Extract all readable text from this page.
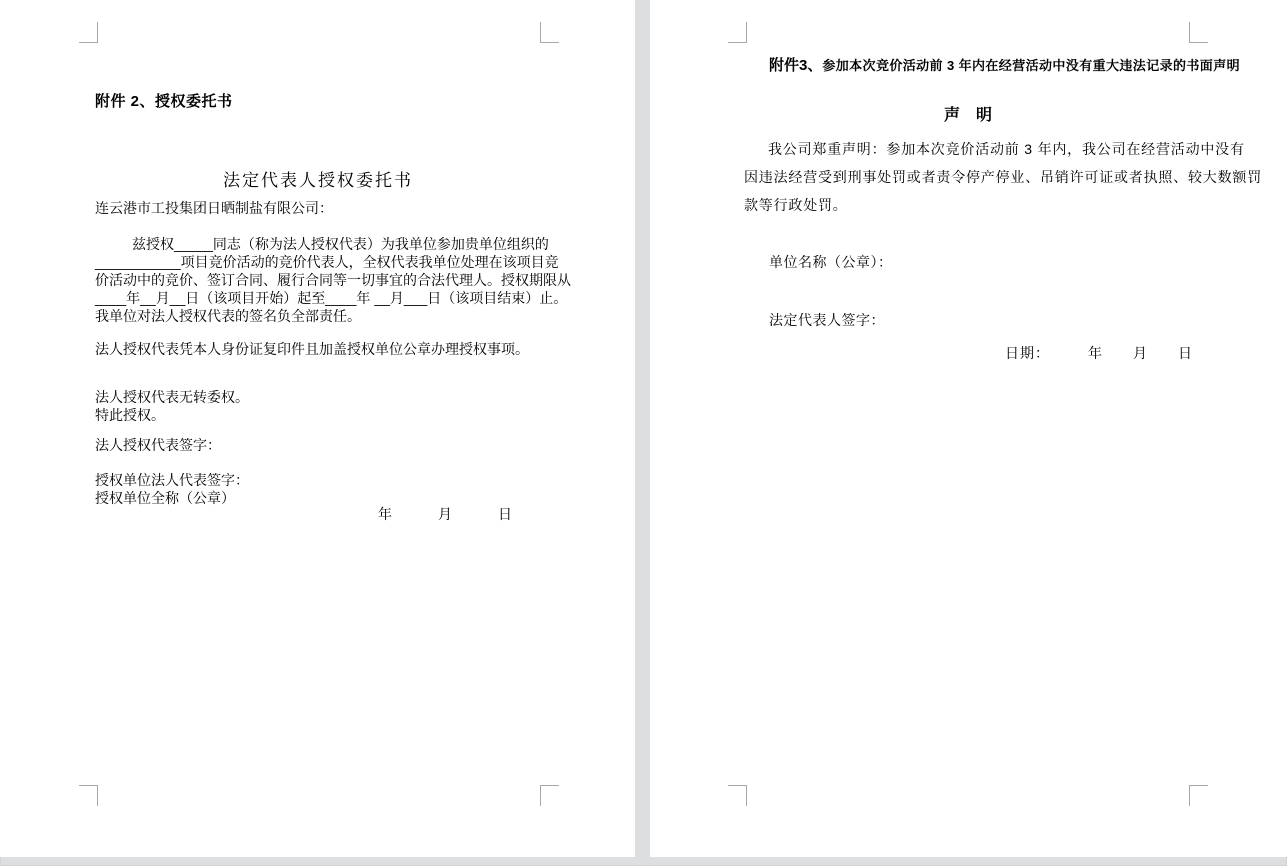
附件 2、授权委托书
法定代表人授权委托书
连云港市工投集团日晒制盐有限公司：
兹授权_____同志（称为法人授权代表）为我单位参加贵单位组织的
___________项目竞价活动的竞价代表人，全权代表我单位处理在该项目竞
价活动中的竞价、签订合同、履行合同等一切事宜的合法代理人。授权期限从
____年__月__日（该项目开始）起至____年 __月___日（该项目结束）止。
我单位对法人授权代表的签名负全部责任。
法人授权代表凭本人身份证复印件且加盖授权单位公章办理授权事项。
法人授权代表无转委权。
特此授权。
法人授权代表签字：
授权单位法人代表签字：
授权单位全称（公章）
年　　　月　　　日
附件3、参加本次竞价活动前 3 年内在经营活动中没有重大违法记录的书面声明
声　明
我公司郑重声明：参加本次竞价活动前 3 年内，我公司在经营活动中没有
因违法经营受到刑事处罚或者责令停产停业、吊销许可证或者执照、较大数额罚
款等行政处罚。
单位名称（公章）：
法定代表人签字：
日期：　　　年　　月　　日
